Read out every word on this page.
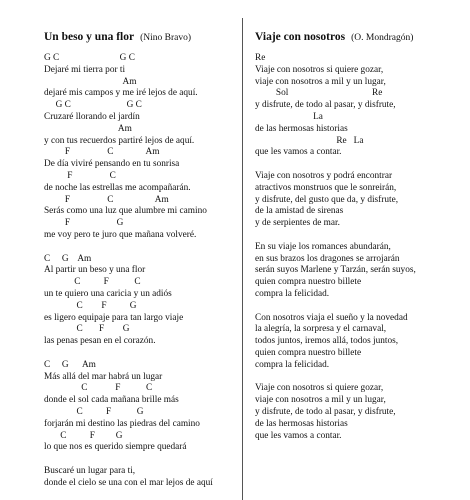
Un beso y una flor (Nino Bravo)
G C                          G C
Dejaré mi tierra por ti
Am
dejaré mis campos y me iré lejos de aquí.
G C                        G C
Cruzaré llorando el jardín
Am
y con tus recuerdos partiré lejos de aquí.
F                C              Am
De día viviré pensando en tu sonrisa
F                C
de noche las estrellas me acompañarán.
F                C                  Am
Serás como una luz que alumbre mi camino
F                    G
me voy pero te juro que mañana volveré.
C     G    Am
Al partir un beso y una flor
C          F           C
un te quiero una caricia y un adiós
C        F          G
es ligero equipaje para tan largo viaje
C       F        G
las penas pesan en el corazón.
C     G      Am
Más allá del mar habrá un lugar
C            F           C
donde el sol cada mañana brille más
C          F           G
forjarán mi destino las piedras del camino
C          F         G
lo que nos es querido siempre quedará
Buscaré un lugar para ti,
donde el cielo se una con el mar lejos de aquí
Viaje con nosotros (O. Mondragón)
Re
Viaje con nosotros si quiere gozar,
viaje con nosotros a mil y un lugar,
Sol                                    Re
y disfrute, de todo al pasar, y disfrute,
La
de las hermosas historias
Re   La
que les vamos a contar.
Viaje con nosotros y podrá encontrar
atractivos monstruos que le sonreirán,
y disfrute, del gusto que da, y disfrute,
de la amistad de sirenas
y de serpientes de mar.
En su viaje los romances abundarán,
en sus brazos los dragones se arrojarán
serán suyos Marlene y Tarzán, serán suyos,
quien compra nuestro billete
compra la felicidad.
Con nosotros viaja el sueño y la novedad
la alegría, la sorpresa y el carnaval,
todos juntos, iremos allá, todos juntos,
quien compra nuestro billete
compra la felicidad.
Viaje con nosotros si quiere gozar,
viaje con nosotros a mil y un lugar,
y disfrute, de todo al pasar, y disfrute,
de las hermosas historias
que les vamos a contar.
